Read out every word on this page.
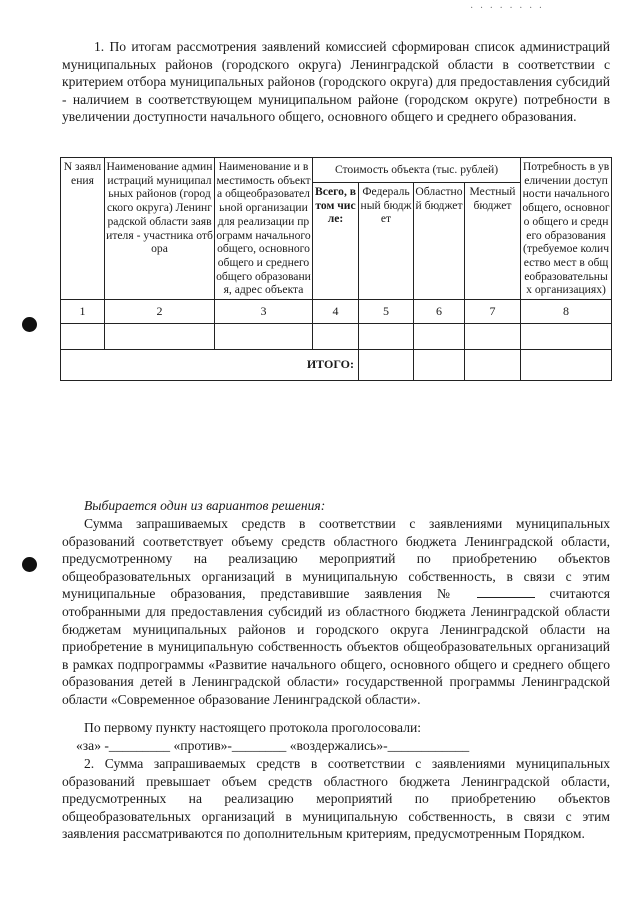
· · · · · · · ·
1. По итогам рассмотрения заявлений комиссией сформирован список администраций муниципальных районов (городского округа) Ленинградской области в соответствии с критерием отбора муниципальных районов (городского округа) для предоставления субсидий - наличием в соответствующем муниципальном районе (городском округе) потребности в увеличении доступности начального общего, основного общего и среднего образования.
N заявления	Наименование администраций муниципальных районов (городского округа) Ленинградской области заявителя - участника отбора	Наименование и вместимость объекта общеобразовательной организации для реализации программ начального общего, основного общего и среднего общего образования, адрес объекта	Стоимость объекта (тыс. рублей)				Потребность в увеличении доступности начального общего, основного общего и среднего образования (требуемое количество мест в общеобразовательных организациях)
			Всего, в том числе:	Федеральный бюджет	Областной бюджет	Местный бюджет	
1	2	3	4	5	6	7	8

ИТОГО:							
Выбирается один из вариантов решения:
Сумма запрашиваемых средств в соответствии с заявлениями муниципальных образований соответствует объему средств областного бюджета Ленинградской области, предусмотренному на реализацию мероприятий по приобретению объектов общеобразовательных организаций в муниципальную собственность, в связи с этим муниципальные образования, представившие заявления №	считаются отобранными для предоставления субсидий из областного бюджета Ленинградской области бюджетам муниципальных районов и городского округа Ленинградской области на приобретение в муниципальную собственность объектов общеобразовательных организаций в рамках подпрограммы «Развитие начального общего, основного общего и среднего общего образования детей в Ленинградской области» государственной программы Ленинградской области «Современное образование Ленинградской области».
По первому пункту настоящего протокола проголосовали:
«за» -_________ «против»-________ «воздержались»-____________
2. Сумма запрашиваемых средств в соответствии с заявлениями муниципальных образований превышает объем средств областного бюджета Ленинградской области, предусмотренных на реализацию мероприятий по приобретению объектов общеобразовательных организаций в муниципальную собственность, в связи с этим заявления рассматриваются по дополнительным критериям, предусмотренным Порядком.
